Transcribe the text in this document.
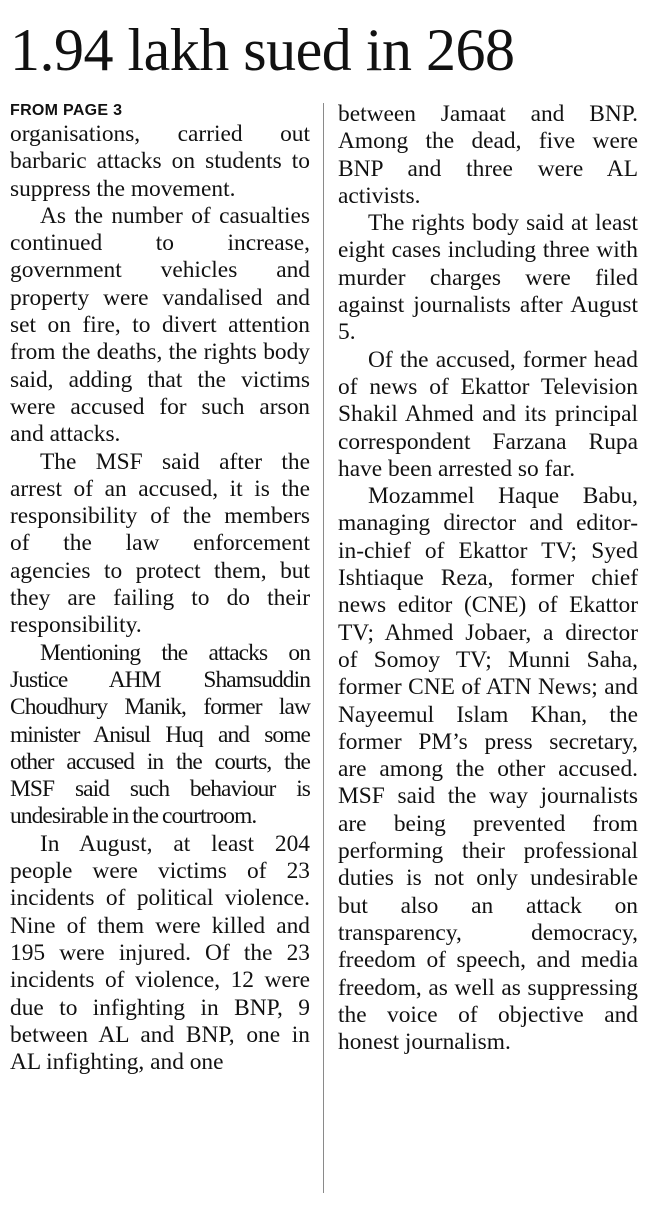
1.94 lakh sued in 268
FROM PAGE 3

organisations, carried out barbaric attacks on students to suppress the movement.

As the number of casualties continued to increase, government vehicles and property were vandalised and set on fire, to divert attention from the deaths, the rights body said, adding that the victims were accused for such arson and attacks.

The MSF said after the arrest of an accused, it is the responsibility of the members of the law enforcement agencies to protect them, but they are failing to do their responsibility.

Mentioning the attacks on Justice AHM Shamsuddin Choudhury Manik, former law minister Anisul Huq and some other accused in the courts, the MSF said such behaviour is undesirable in the courtroom.

In August, at least 204 people were victims of 23 incidents of political violence. Nine of them were killed and 195 were injured. Of the 23 incidents of violence, 12 were due to infighting in BNP, 9 between AL and BNP, one in AL infighting, and one

between Jamaat and BNP. Among the dead, five were BNP and three were AL activists.

The rights body said at least eight cases including three with murder charges were filed against journalists after August 5.

Of the accused, former head of news of Ekattor Television Shakil Ahmed and its principal correspondent Farzana Rupa have been arrested so far.

Mozammel Haque Babu, managing director and editor-in-chief of Ekattor TV; Syed Ishtiaque Reza, former chief news editor (CNE) of Ekattor TV; Ahmed Jobaer, a director of Somoy TV; Munni Saha, former CNE of ATN News; and Nayeemul Islam Khan, the former PM’s press secretary, are among the other accused. MSF said the way journalists are being prevented from performing their professional duties is not only undesirable but also an attack on transparency, democracy, freedom of speech, and media freedom, as well as suppressing the voice of objective and honest journalism.
